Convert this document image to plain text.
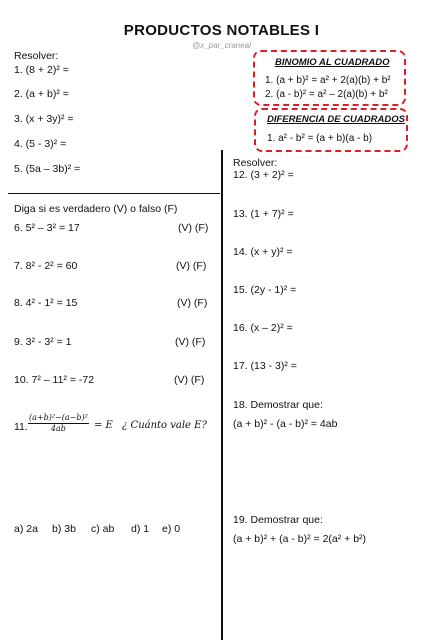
PRODUCTOS NOTABLES I
@x_par_craneal
Resolver:
1. (8 + 2)² =
2. (a + b)² =
3. (x + 3y)² =
4. (5 - 3)² =
5. (5a – 3b)² =
Diga si es verdadero (V) o falso (F)
6. 5² – 3² = 17	(V) (F)
7. 8² - 2² = 60	(V) (F)
8. 4² - 1² = 15	(V) (F)
9. 3² - 3² = 1	(V) (F)
10. 7² – 11² = -72	(V) (F)
11. $\frac{\text{(a+b)²−(a−b)²}}{4ab} = E$ ¿ Cuánto vale E?
a) 2a b) 3b c) ab d) 1 e) 0
BINOMIO AL CUADRADO
1. (a + b)² = a² + 2(a)(b) + b²
2. (a - b)² = a² – 2(a)(b) + b²
DIFERENCIA DE CUADRADOS
1. a² - b² = (a + b)(a - b)
Resolver:
12. (3 + 2)² =
13. (1 + 7)² =
14. (x + y)² =
15. (2y - 1)² =
16. (x – 2)² =
17. (13 - 3)² =
18. Demostrar que:
(a + b)² - (a - b)² = 4ab
19. Demostrar que:
(a + b)² + (a - b)² = 2(a² + b²)
